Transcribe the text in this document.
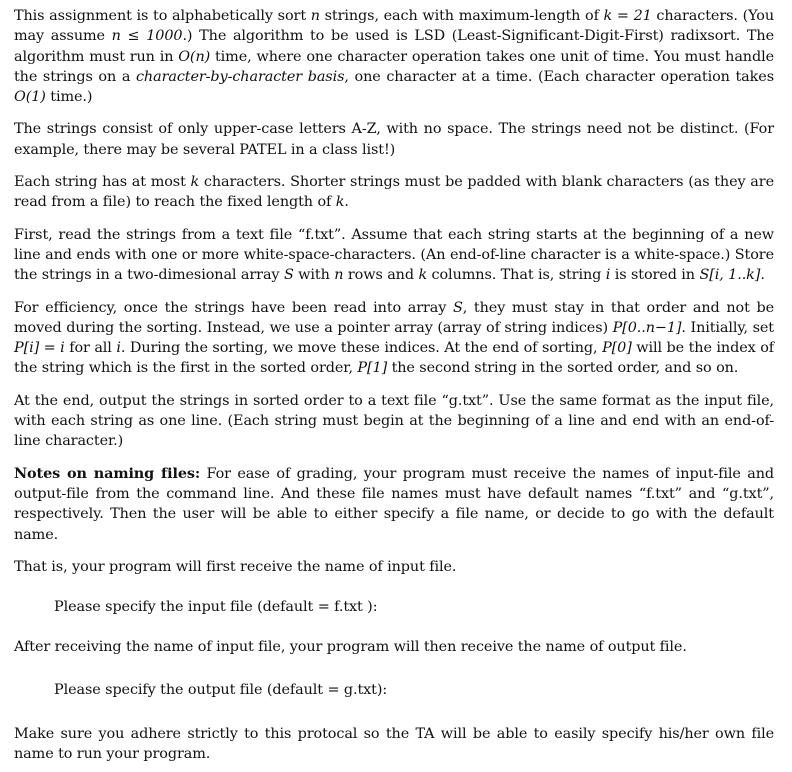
This assignment is to alphabetically sort n strings, each with maximum-length of k = 21 characters. (You may assume n ≤ 1000.) The algorithm to be used is LSD (Least-Significant-Digit-First) radixsort. The algorithm must run in O(n) time, where one character operation takes one unit of time. You must handle the strings on a character-by-character basis, one character at a time. (Each character operation takes O(1) time.)

The strings consist of only upper-case letters A-Z, with no space. The strings need not be distinct. (For example, there may be several PATEL in a class list!)

Each string has at most k characters. Shorter strings must be padded with blank characters (as they are read from a file) to reach the fixed length of k.

First, read the strings from a text file “f.txt”. Assume that each string starts at the beginning of a new line and ends with one or more white-space-characters. (An end-of-line character is a white-space.) Store the strings in a two-dimesional array S with n rows and k columns. That is, string i is stored in S[i, 1..k].

For efficiency, once the strings have been read into array S, they must stay in that order and not be moved during the sorting. Instead, we use a pointer array (array of string indices) P[0..n−1]. Initially, set P[i] = i for all i. During the sorting, we move these indices. At the end of sorting, P[0] will be the index of the string which is the first in the sorted order, P[1] the second string in the sorted order, and so on.

At the end, output the strings in sorted order to a text file “g.txt”. Use the same format as the input file, with each string as one line. (Each string must begin at the beginning of a line and end with an end-of-line character.)

Notes on naming files: For ease of grading, your program must receive the names of input-file and output-file from the command line. And these file names must have default names “f.txt” and “g.txt”, respectively. Then the user will be able to either specify a file name, or decide to go with the default name.

That is, your program will first receive the name of input file.

Please specify the input file (default = f.txt ):

After receiving the name of input file, your program will then receive the name of output file.

Please specify the output file (default = g.txt):

Make sure you adhere strictly to this protocal so the TA will be able to easily specify his/her own file name to run your program.
